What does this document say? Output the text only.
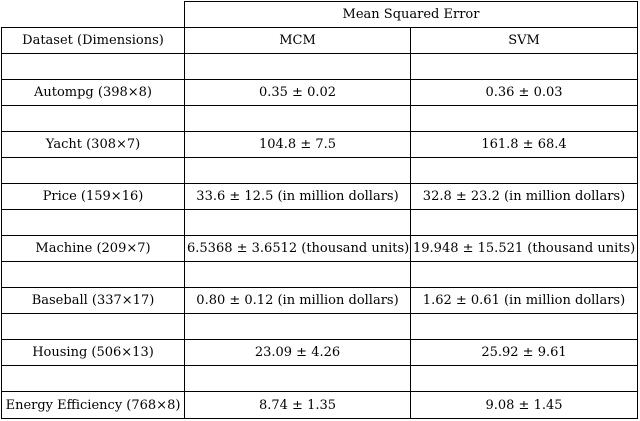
	Mean Squared Error	
Dataset (Dimensions)	MCM	SVM

Autompg (398×8)	0.35 ± 0.02	0.36 ± 0.03

Yacht (308×7)	104.8 ± 7.5	161.8 ± 68.4

Price (159×16)	33.6 ± 12.5 (in million dollars)	32.8 ± 23.2 (in million dollars)

Machine (209×7)	6.5368 ± 3.6512 (thousand units)	19.948 ± 15.521 (thousand units)

Baseball (337×17)	0.80 ± 0.12 (in million dollars)	1.62 ± 0.61 (in million dollars)

Housing (506×13)	23.09 ± 4.26	25.92 ± 9.61

Energy Efficiency (768×8)	8.74 ± 1.35	9.08 ± 1.45
